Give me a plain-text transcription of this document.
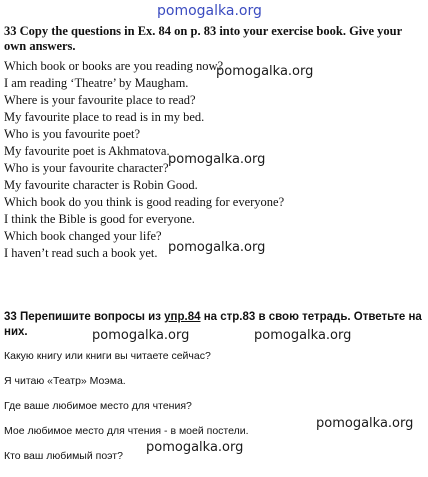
pomogalka.org
33 Copy the questions in Ex. 84 on p. 83 into your exercise book. Give your own answers.
Which book or books are you reading now?
I am reading ‘Theatre’ by Maugham.
Where is your favourite place to read?
My favourite place to read is in my bed.
Who is you favourite poet?
My favourite poet is Akhmatova.
Who is your favourite character?
My favourite character is Robin Good.
Which book do you think is good reading for everyone?
I think the Bible is good for everyone.
Which book changed your life?
I haven’t read such a book yet.
pomogalka.org
pomogalka.org
pomogalka.org
33 Перепишите вопросы из упр.84 на стр.83 в свою тетрадь. Ответьте на них.	pomogalka.org	pomogalka.org
Какую книгу или книги вы читаете сейчас?
Я читаю «Театр» Моэма.
Где ваше любимое место для чтения?
Мое любимое место для чтения - в моей постели.
Кто ваш любимый поэт?
pomogalka.org
pomogalka.org
